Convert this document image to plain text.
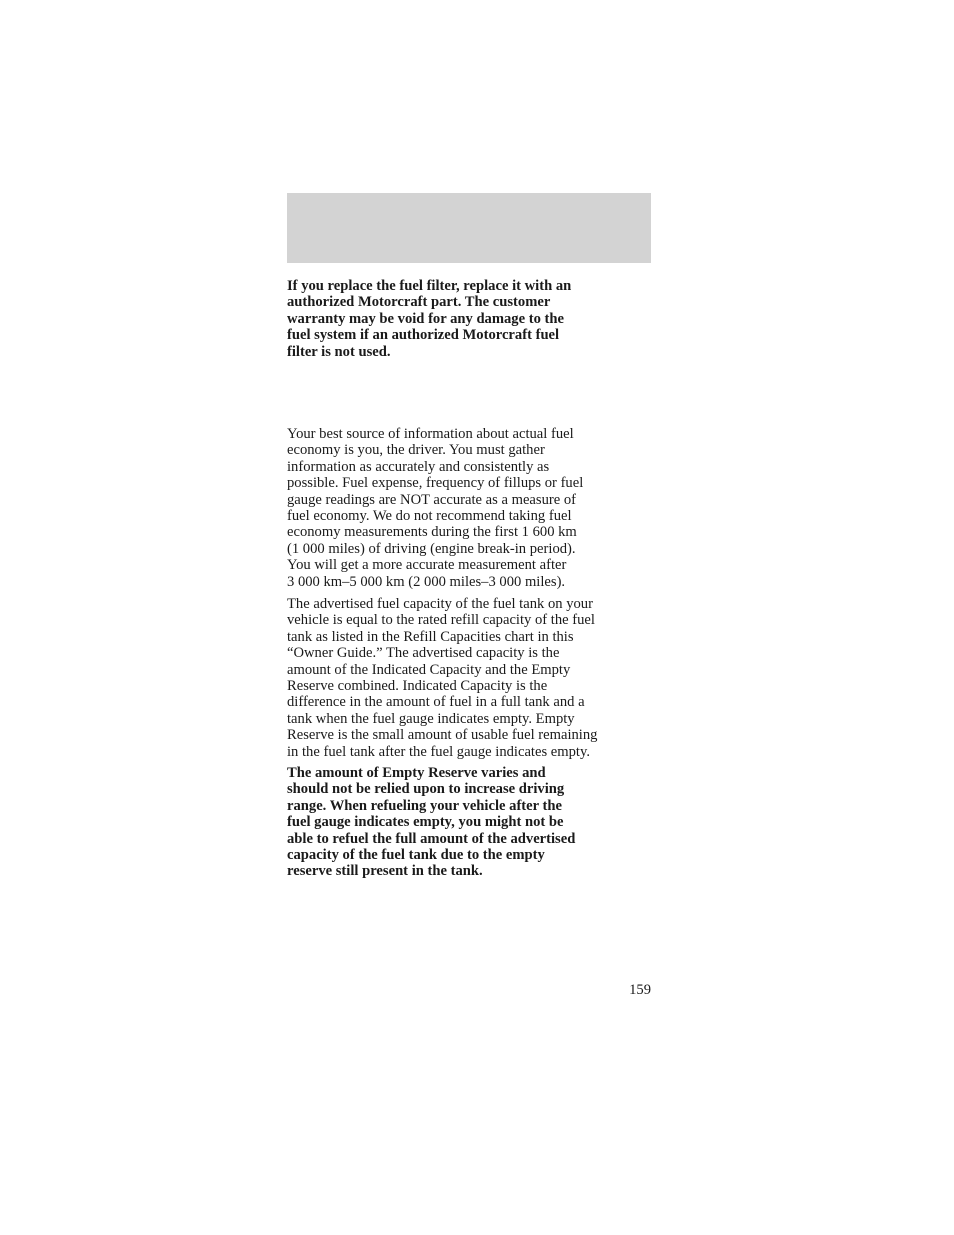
If you replace the fuel filter, replace it with an
authorized Motorcraft part. The customer
warranty may be void for any damage to the
fuel system if an authorized Motorcraft fuel
filter is not used.

Your best source of information about actual fuel
economy is you, the driver. You must gather
information as accurately and consistently as
possible. Fuel expense, frequency of fillups or fuel
gauge readings are NOT accurate as a measure of
fuel economy. We do not recommend taking fuel
economy measurements during the first 1 600 km
(1 000 miles) of driving (engine break-in period).
You will get a more accurate measurement after
3 000 km–5 000 km (2 000 miles–3 000 miles).

The advertised fuel capacity of the fuel tank on your
vehicle is equal to the rated refill capacity of the fuel
tank as listed in the Refill Capacities chart in this
“Owner Guide.” The advertised capacity is the
amount of the Indicated Capacity and the Empty
Reserve combined. Indicated Capacity is the
difference in the amount of fuel in a full tank and a
tank when the fuel gauge indicates empty. Empty
Reserve is the small amount of usable fuel remaining
in the fuel tank after the fuel gauge indicates empty.

The amount of Empty Reserve varies and
should not be relied upon to increase driving
range. When refueling your vehicle after the
fuel gauge indicates empty, you might not be
able to refuel the full amount of the advertised
capacity of the fuel tank due to the empty
reserve still present in the tank.

159
